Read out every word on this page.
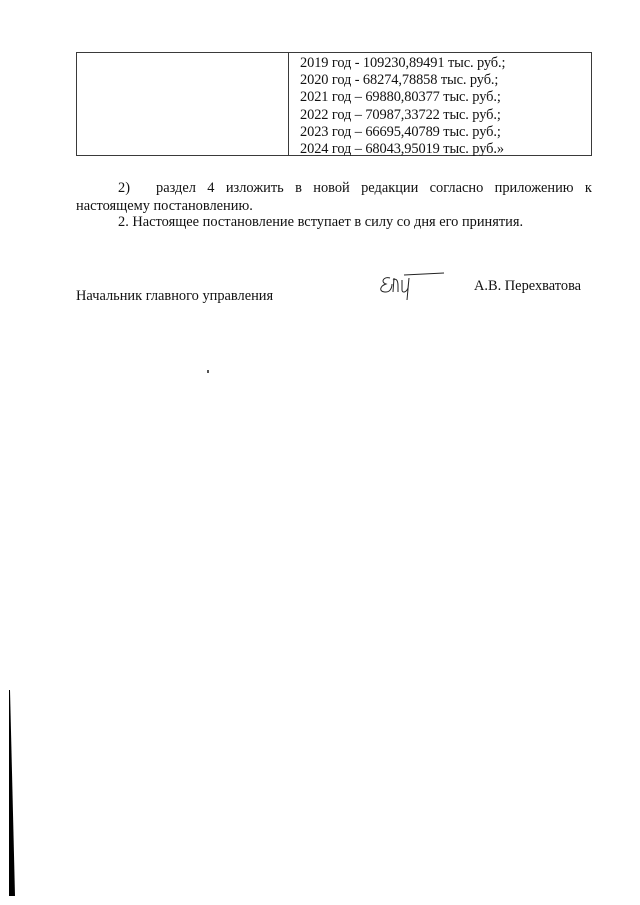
2019 год - 109230,89491 тыс. руб.;
2020 год - 68274,78858 тыс. руб.;
2021 год – 69880,80377 тыс. руб.;
2022 год – 70987,33722 тыс. руб.;
2023 год – 66695,40789 тыс. руб.;
2024 год – 68043,95019 тыс. руб.»
2) раздел 4 изложить в новой редакции согласно приложению к
настоящему постановлению.
2. Настоящее постановление вступает в силу со дня его принятия.
Начальник главного управления
А.В. Перехватова
